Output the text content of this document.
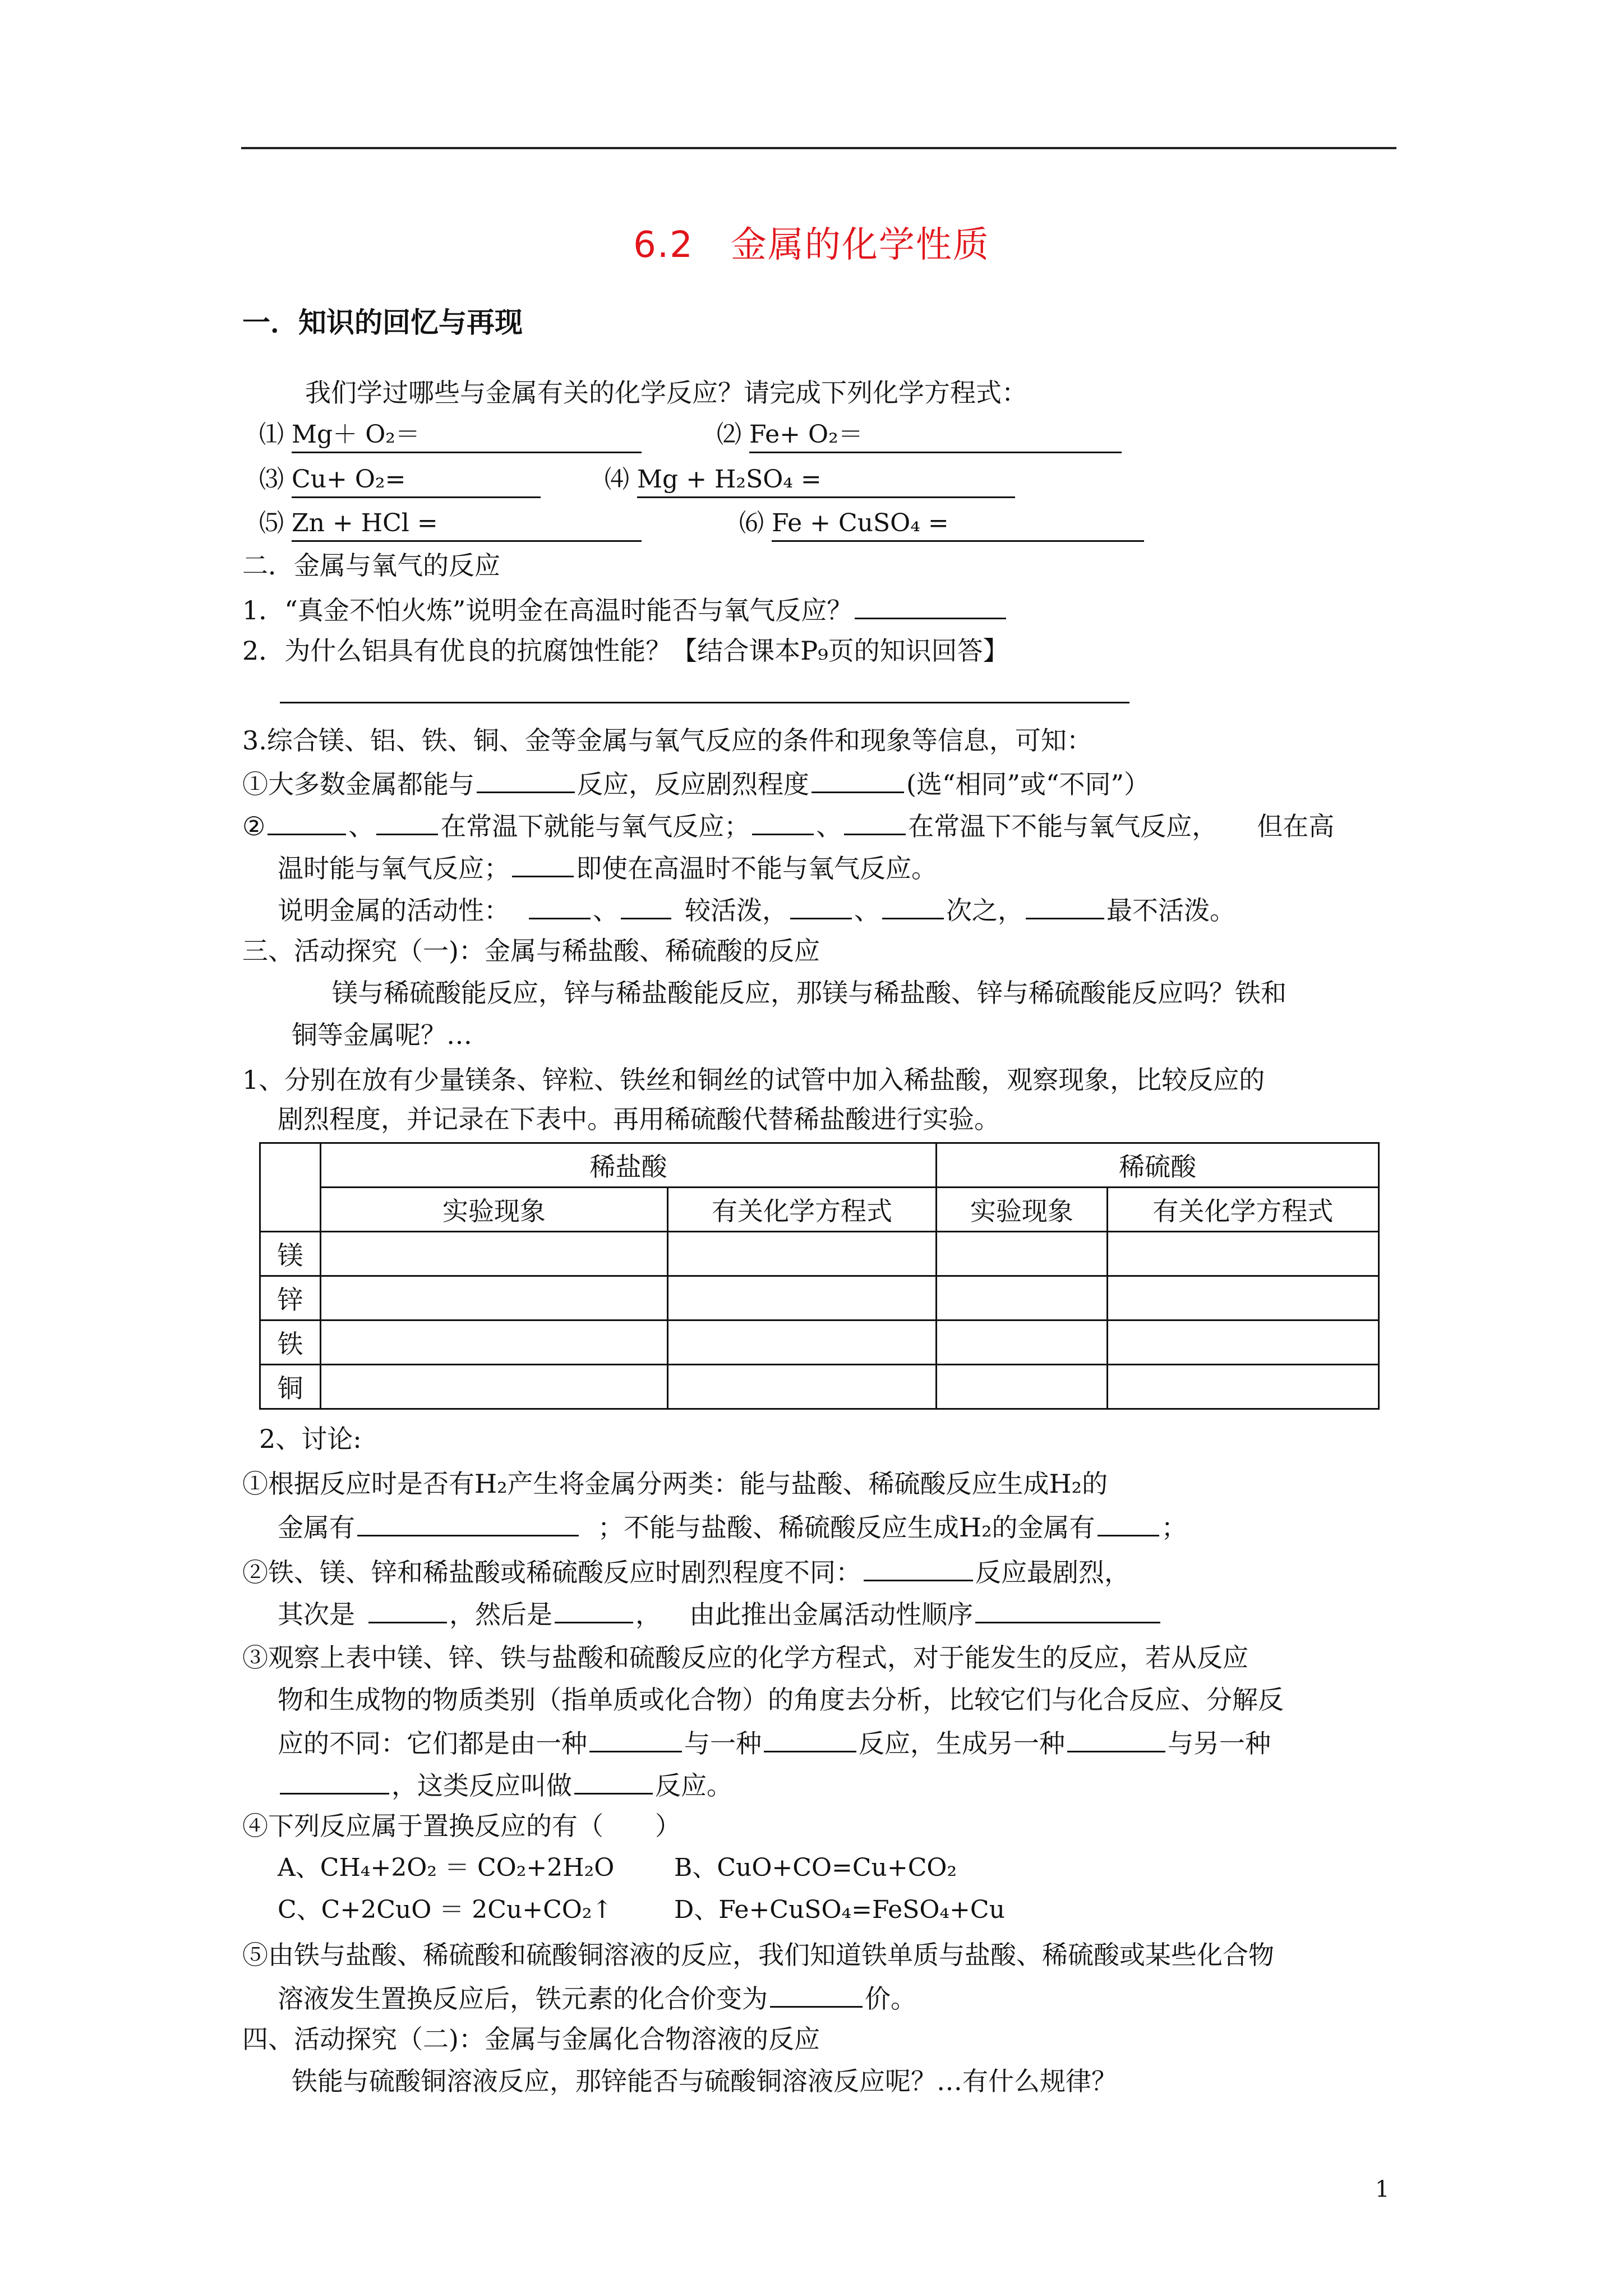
6.2　金属的化学性质
一．知识的回忆与再现
我们学过哪些与金属有关的化学反应？请完成下列化学方程式：
⑴ Mg＋ O₂＝	⑵ Fe+ O₂＝
⑶ Cu+ O₂=	⑷ Mg + H₂SO₄ =
⑸ Zn + HCl =	⑹ Fe + CuSO₄ =
二．金属与氧气的反应
1．“真金不怕火炼”说明金在高温时能否与氧气反应？
2．为什么铝具有优良的抗腐蚀性能？【结合课本P₉页的知识回答】
3.综合镁、铝、铁、铜、金等金属与氧气反应的条件和现象等信息，可知：
①大多数金属都能与	反应，反应剧烈程度	(选“相同”或“不同”）
②	、	在常温下就能与氧气反应；	、	在常温下不能与氧气反应， 但在高
温时能与氧气反应；	即使在高温时不能与氧气反应。
说明金属的活动性：	、	较活泼，	、	次之，	最不活泼。
三、活动探究（一)：金属与稀盐酸、稀硫酸的反应
镁与稀硫酸能反应，锌与稀盐酸能反应，那镁与稀盐酸、锌与稀硫酸能反应吗？铁和
铜等金属呢？…
1、分别在放有少量镁条、锌粒、铁丝和铜丝的试管中加入稀盐酸，观察现象，比较反应的
剧烈程度，并记录在下表中。再用稀硫酸代替稀盐酸进行实验。
	稀盐酸		稀硫酸	
	实验现象	有关化学方程式	实验现象	有关化学方程式
镁				
锌				
铁				
铜				
2、讨论:
①根据反应时是否有H₂产生将金属分两类：能与盐酸、稀硫酸反应生成H₂的
金属有	；不能与盐酸、稀硫酸反应生成H₂的金属有	；
②铁、镁、锌和稀盐酸或稀硫酸反应时剧烈程度不同：	反应最剧烈，
其次是	，然后是	， 由此推出金属活动性顺序
③观察上表中镁、锌、铁与盐酸和硫酸反应的化学方程式，对于能发生的反应，若从反应
物和生成物的物质类别（指单质或化合物）的角度去分析，比较它们与化合反应、分解反
应的不同：它们都是由一种	与一种	反应，生成另一种	与另一种
，这类反应叫做	反应。
④下列反应属于置换反应的有（　　）
A、CH₄+2O₂ ＝ CO₂+2H₂O B、CuO+CO=Cu+CO₂
C、C+2CuO ＝ 2Cu+CO₂↑ D、Fe+CuSO₄=FeSO₄+Cu
⑤由铁与盐酸、稀硫酸和硫酸铜溶液的反应，我们知道铁单质与盐酸、稀硫酸或某些化合物
溶液发生置换反应后，铁元素的化合价变为	价。
四、活动探究（二)：金属与金属化合物溶液的反应
铁能与硫酸铜溶液反应，那锌能否与硫酸铜溶液反应呢？…有什么规律？
1
